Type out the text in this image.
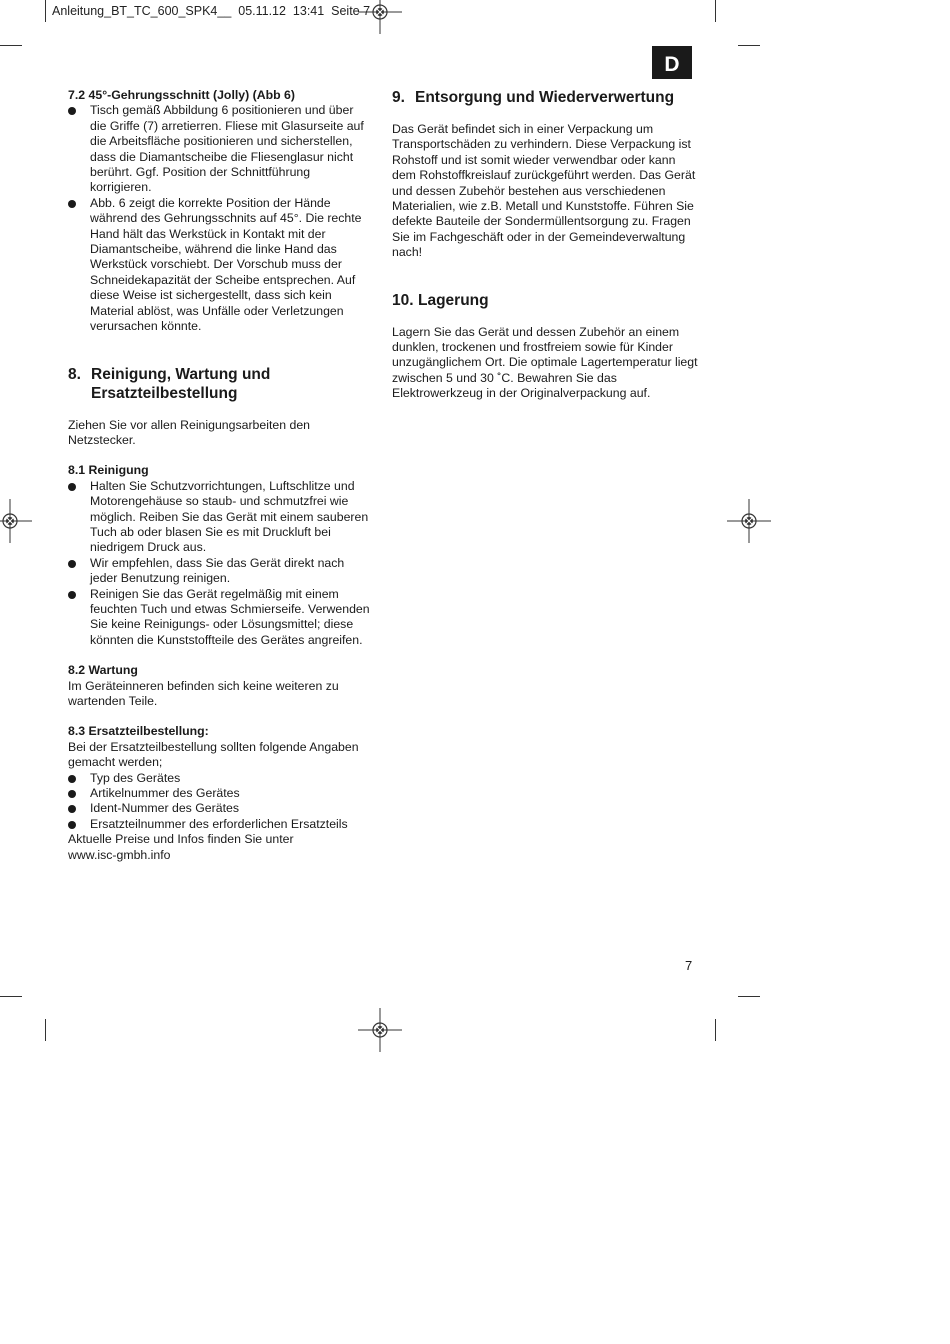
Anleitung_BT_TC_600_SPK4__  05.11.12  13:41  Seite 7
D

7.2 45°-Gehrungsschnitt (Jolly) (Abb 6)

Tisch gemäß Abbildung 6 positionieren und über die Griffe (7) arretierren. Fliese mit Glasurseite auf die Arbeitsfläche positionieren und sicherstellen, dass die Diamantscheibe die Fliesenglasur nicht berührt. Ggf. Position der Schnittführung korrigieren.
Abb. 6 zeigt die korrekte Position der Hände während des Gehrungsschnits auf 45°. Die rechte Hand hält das Werkstück in Kontakt mit der Diamantscheibe, während die linke Hand das Werkstück vorschiebt. Der Vorschub muss der Schneidekapazität der Scheibe entsprechen. Auf diese Weise ist sichergestellt, dass sich kein Material ablöst, was Unfälle oder Verletzungen verursachen könnte.
8. Reinigung, Wartung und Ersatzteilbestellung

Ziehen Sie vor allen Reinigungsarbeiten den Netzstecker.

8.1 Reinigung

Halten Sie Schutzvorrichtungen, Luftschlitze und Motorengehäuse so staub- und schmutzfrei wie möglich. Reiben Sie das Gerät mit einem sauberen Tuch ab oder blasen Sie es mit Druckluft bei niedrigem Druck aus.
Wir empfehlen, dass Sie das Gerät direkt nach jeder Benutzung reinigen.
Reinigen Sie das Gerät regelmäßig mit einem feuchten Tuch und etwas Schmierseife. Verwenden Sie keine Reinigungs- oder Lösungsmittel; diese könnten die Kunststoffteile des Gerätes angreifen.

8.2 Wartung

Im Geräteinneren befinden sich keine weiteren zu wartenden Teile.

8.3 Ersatzteilbestellung:

Bei der Ersatzteilbestellung sollten folgende Angaben gemacht werden;

Typ des Gerätes
Artikelnummer des Gerätes
Ident-Nummer des Gerätes
Ersatzteilnummer des erforderlichen Ersatzteils

Aktuelle Preise und Infos finden Sie unter

www.isc-gmbh.info

9. Entsorgung und Wiederverwertung

Das Gerät befindet sich in einer Verpackung um Transportschäden zu verhindern. Diese Verpackung ist Rohstoff und ist somit wieder verwendbar oder kann dem Rohstoffkreislauf zurückgeführt werden. Das Gerät und dessen Zubehör bestehen aus verschiedenen Materialien, wie z.B. Metall und Kunststoffe. Führen Sie defekte Bauteile der Sondermüllentsorgung zu. Fragen Sie im Fachgeschäft oder in der Gemeindeverwaltung nach!

10. Lagerung

Lagern Sie das Gerät und dessen Zubehör an einem dunklen, trockenen und frostfreiem sowie für Kinder unzugänglichem Ort. Die optimale Lagertemperatur liegt zwischen 5 und 30 ˚C. Bewahren Sie das Elektrowerkzeug in der Originalverpackung auf.

7
